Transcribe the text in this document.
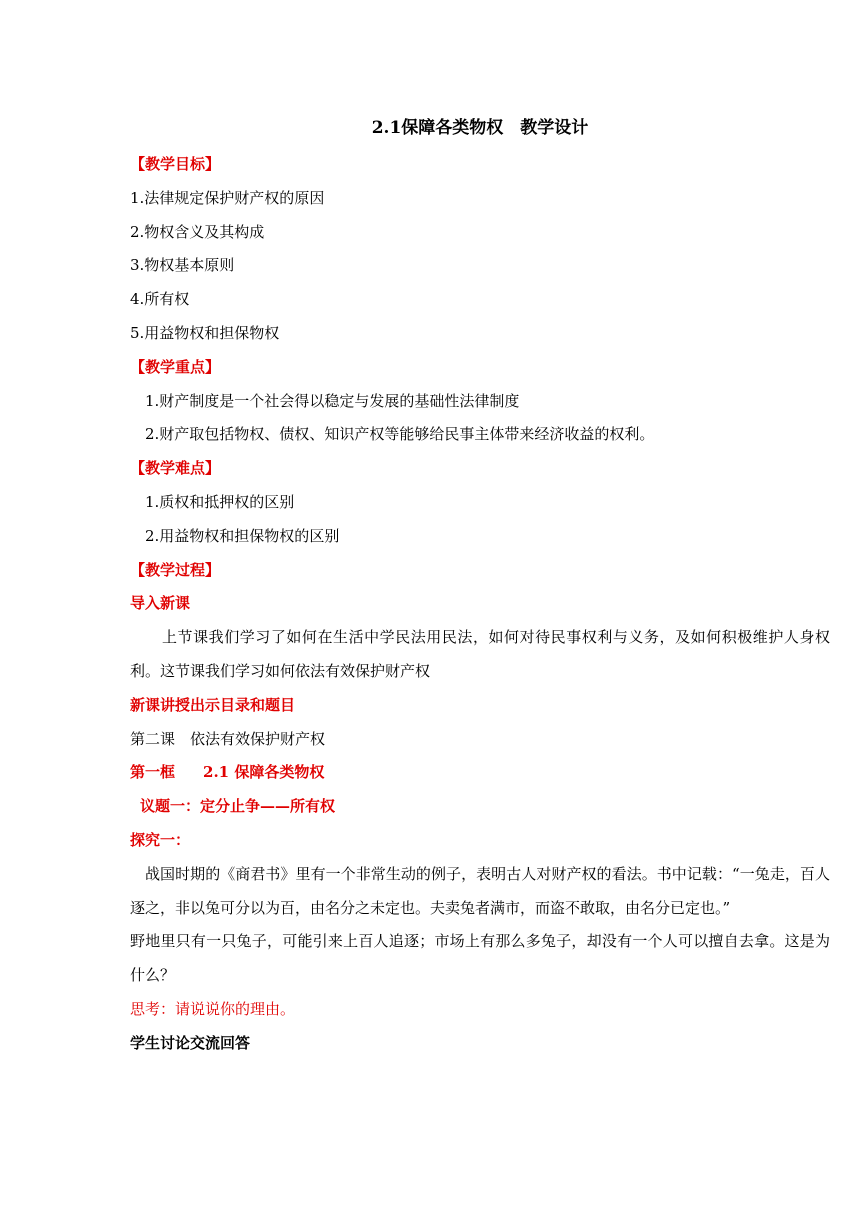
2.1保障各类物权　教学设计

【教学目标】

1.法律规定保护财产权的原因

2.物权含义及其构成

3.物权基本原则

4.所有权

5.用益物权和担保物权

【教学重点】

1.财产制度是一个社会得以稳定与发展的基础性法律制度

2.财产取包括物权、债权、知识产权等能够给民事主体带来经济收益的权利。

【教学难点】

1.质权和抵押权的区别

2.用益物权和担保物权的区别

【教学过程】

导入新课

上节课我们学习了如何在生活中学民法用民法，如何对待民事权利与义务，及如何积极维护人身权利。这节课我们学习如何依法有效保护财产权

新课讲授出示目录和题目

第二课　依法有效保护财产权

第一框 2.1 保障各类物权

议题一：定分止争——所有权

探究一：

战国时期的《商君书》里有一个非常生动的例子，表明古人对财产权的看法。书中记载：“一兔走，百人逐之，非以兔可分以为百，由名分之未定也。夫卖兔者满市，而盗不敢取，由名分已定也。”

野地里只有一只兔子，可能引来上百人追逐；市场上有那么多兔子，却没有一个人可以擅自去拿。这是为什么？

思考：请说说你的理由。

学生讨论交流回答
